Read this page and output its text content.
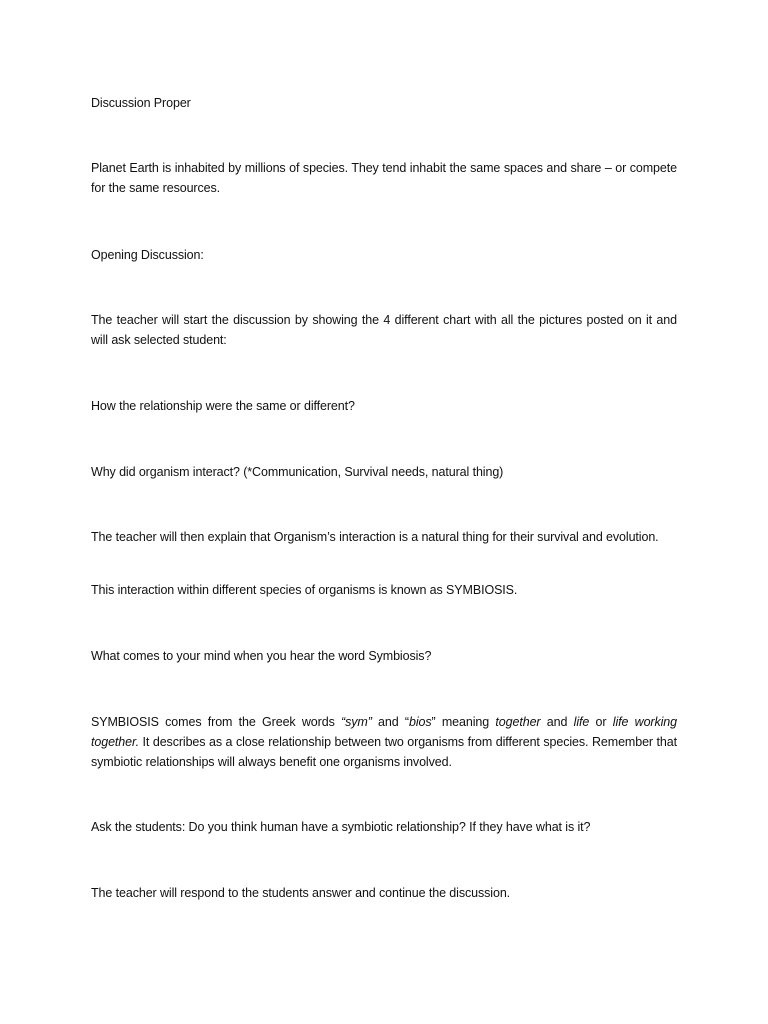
Discussion Proper
Planet Earth is inhabited by millions of species. They tend inhabit the same spaces and share – or compete for the same resources.
Opening Discussion:
The teacher will start the discussion by showing the 4 different chart with all the pictures posted on it and will ask selected student:
How the relationship were the same or different?
Why did organism interact? (*Communication, Survival needs, natural thing)
The teacher will then explain that Organism’s interaction is a natural thing for their survival and evolution.
This interaction within different species of organisms is known as SYMBIOSIS.
What comes to your mind when you hear the word Symbiosis?
SYMBIOSIS comes from the Greek words “sym” and “bios” meaning together and life or life working together. It describes as a close relationship between two organisms from different species. Remember that symbiotic relationships will always benefit one organisms involved.
Ask the students: Do you think human have a symbiotic relationship? If they have what is it?
The teacher will respond to the students answer and continue the discussion.
